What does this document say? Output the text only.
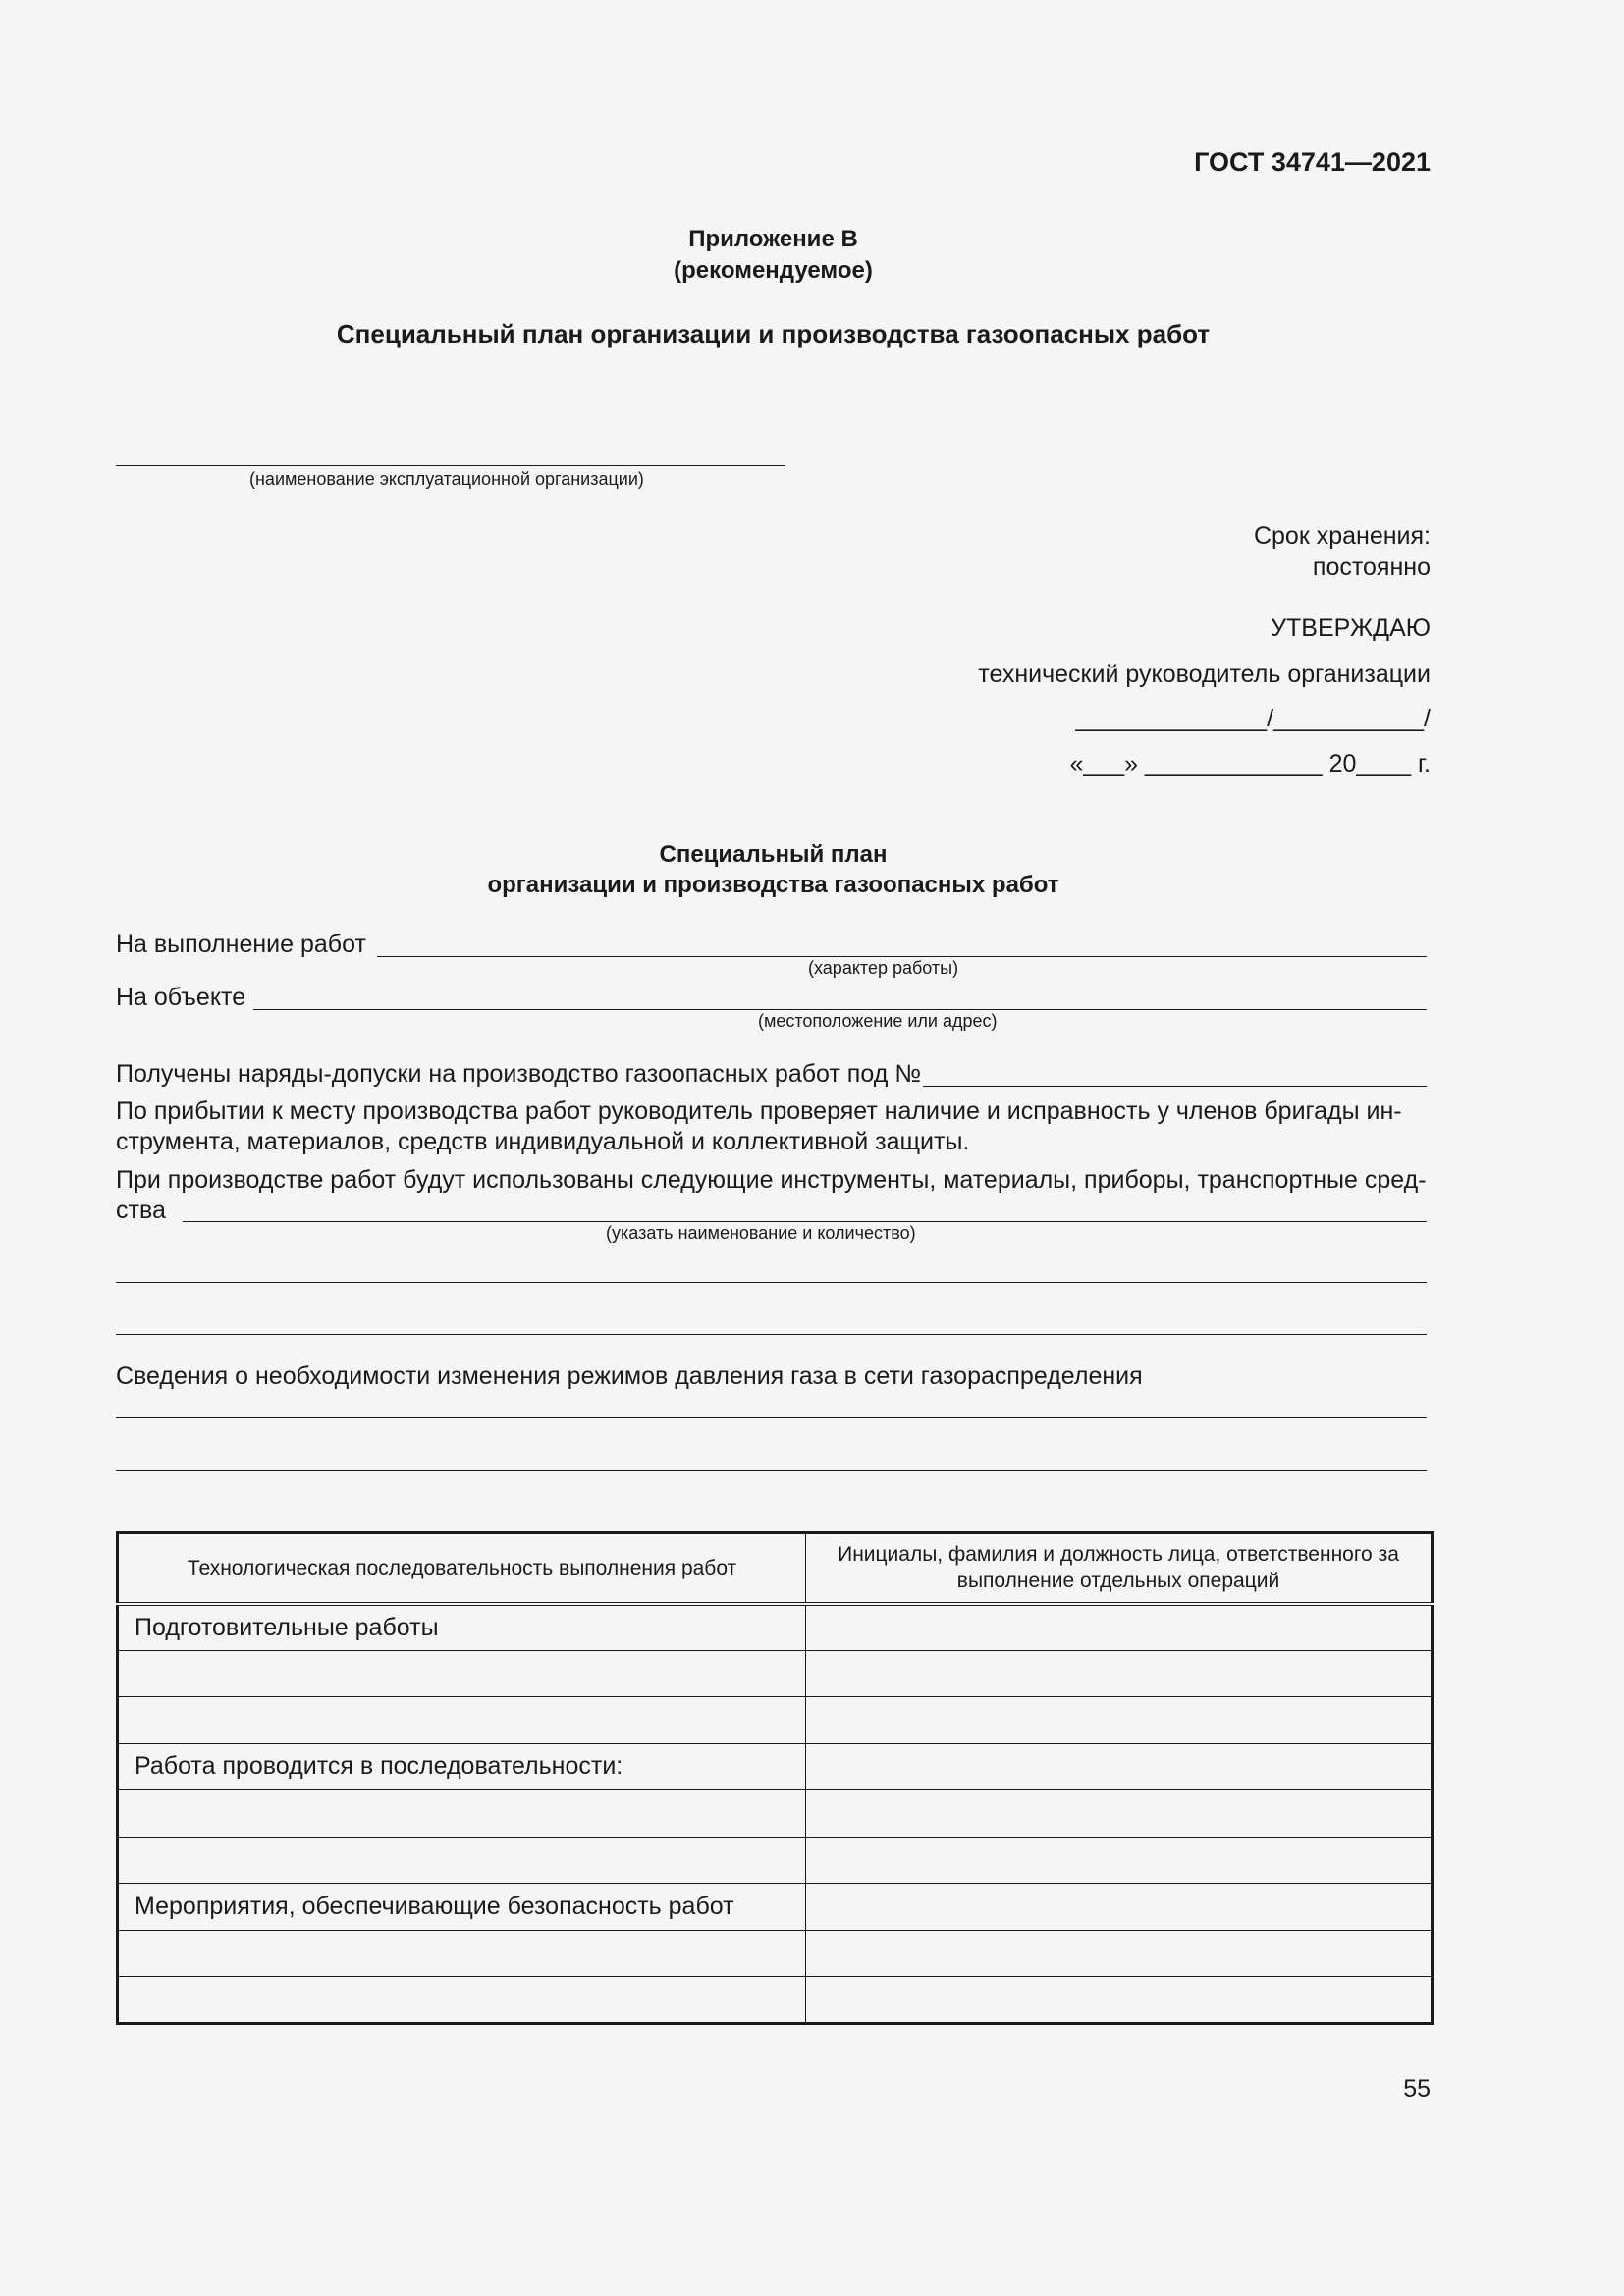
ГОСТ 34741—2021
Приложение В
(рекомендуемое)
Специальный план организации и производства газоопасных работ
(наименование эксплуатационной организации)
Срок хранения:
постоянно
УТВЕРЖДАЮ
технический руководитель организации
______________/___________/
«___» _____________ 20____ г.
Специальный план
организации и производства газоопасных работ
На выполнение работ
(характер работы)
На объекте
(местоположение или адрес)
Получены наряды-допуски на производство газоопасных работ под №
По прибытии к месту производства работ руководитель проверяет наличие и исправность у членов бригады ин-
струмента, материалов, средств индивидуальной и коллективной защиты.
При производстве работ будут использованы следующие инструменты, материалы, приборы, транспортные сред-
ства
(указать наименование и количество)
Сведения о необходимости изменения режимов давления газа в сети газораспределения
Технологическая последовательность выполнения работ	Инициалы, фамилия и должность лица, ответственного за выполнение отдельных операций
Подготовительные работы	

Работа проводится в последовательности:	

Мероприятия, обеспечивающие безопасность работ	

55
